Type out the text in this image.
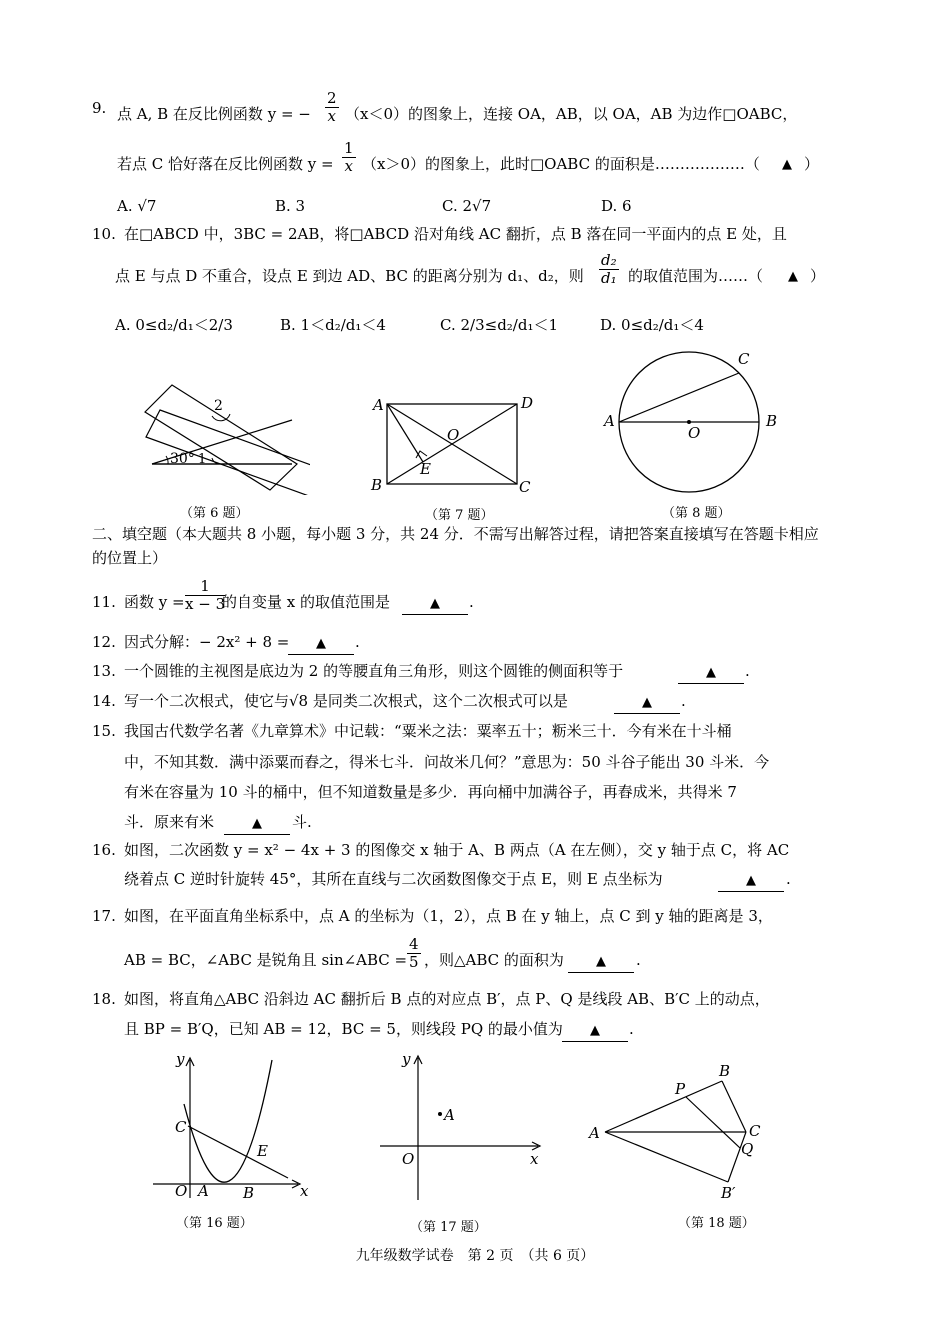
9. 点 A, B 在反比例函数 y = − $\frac{2}{x} (x<0)$的图象上，连接 OA，AB，以 OA，AB 为边作□OABC，
若点 C 恰好落在反比例函数 $y = \frac{1}{x} (x>0)$的图象上，此时□OABC 的面积是………………（ ▲ ）
A. √7	B. 3	C. 2√7	D. 6
10. 在□ABCD 中，3BC = 2AB，将□ABCD 沿对角线 AC 翻折，点 B 落在同一平面内的点 E 处，且
点 E 与点 D 不重合，设点 E 到边 AD、BC 的距离分别为 d₁、d₂，则 $\frac{\text{d₂}}{\text{d₁}}$ 的取值范围为……（ ▲ ）
A. 0≤d₂/d₁＜2/3	B. 1＜d₂/d₁＜4	C. 2/3≤d₂/d₁＜1	D. 0≤d₂/d₁＜4
30° 1
2
（第 6 题）
A	D
O
E
B	C
（第 7 题）
A
C
O
B
（第 8 题）
二、填空题（本大题共 8 小题，每小题 3 分，共 24 分．不需写出解答过程，请把答案直接填写在答题卡相应的位置上）
11. 函数 $y = \frac{1}{x - 3}$
的自变量 x 的取值范围是	▲	.
12. 因式分解：− 2x² + 8 =	▲	.
13. 一个圆锥的主视图是底边为 2 的等腰直角三角形，则这个圆锥的侧面积等于	▲	.
14. 写一个二次根式，使它与√8 是同类二次根式，这个二次根式可以是	▲	.
15. 我国古代数学名著《九章算术》中记载：“粟米之法：粟率五十；粝米三十．今有米在十斗桶
中，不知其数．满中添粟而舂之，得米七斗．问故米几何？”意思为：50 斗谷子能出 30 斗米．今
有米在容量为 10 斗的桶中，但不知道数量是多少．再向桶中加满谷子，再舂成米，共得米 7
斗．原来有米	▲	斗.
16. 如图，二次函数 y = x² − 4x + 3 的图像交 x 轴于 A、B 两点（A 在左侧），交 y 轴于点 C，将 AC
绕着点 C 逆时针旋转 45°，其所在直线与二次函数图像交于点 E，则 E 点坐标为	▲	.
17. 如图，在平面直角坐标系中，点 A 的坐标为（1，2），点 B 在 y 轴上，点 C 到 y 轴的距离是 3，
AB = BC，∠ABC 是锐角且 sin∠ABC = $\frac{4}{5}$ ，则△ABC 的面积为	▲	.
18. 如图，将直角△ABC 沿斜边 AC 翻折后 B 点的对应点 B′，点 P、Q 是线段 AB、B′C 上的动点，
且 BP = B′Q，已知 AB = 12，BC = 5，则线段 PQ 的最小值为	▲	.
y
C
E
O A B	x
（第 16 题）
y
A
O	x
（第 17 题）
B
P
A	C
Q
B′
（第 18 题）
九年级数学试卷　第 2 页　（共 6 页）
